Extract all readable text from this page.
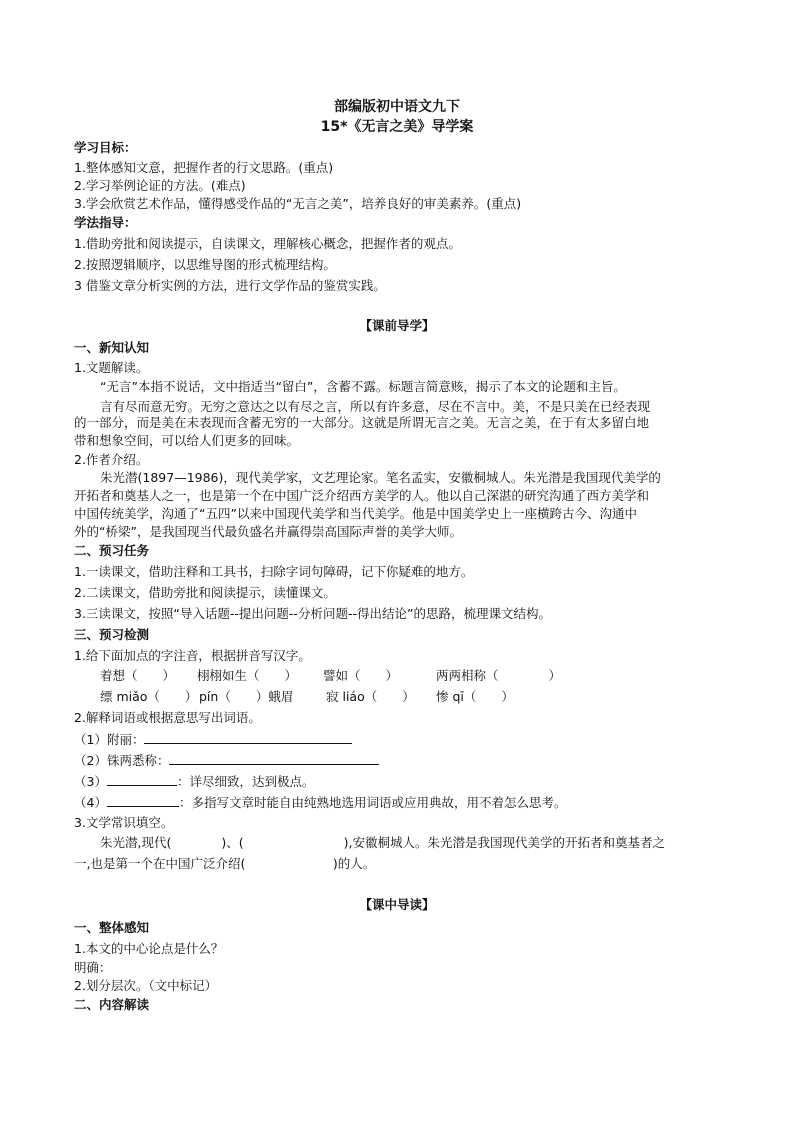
部编版初中语文九下
15*《无言之美》导学案
学习目标：
1.整体感知文意，把握作者的行文思路。(重点)
2.学习举例论证的方法。(难点)
3.学会欣赏艺术作品，懂得感受作品的“无言之美”，培养良好的审美素养。(重点)
学法指导：
1.借助旁批和阅读提示，自读课文，理解核心概念，把握作者的观点。
2.按照逻辑顺序，以思维导图的形式梳理结构。
3 借鉴文章分析实例的方法，进行文学作品的鉴赏实践。
【课前导学】
一、新知认知
1.文题解读。
“无言”本指不说话，文中指适当“留白”，含蓄不露。标题言简意赅，揭示了本文的论题和主旨。
言有尽而意无穷。无穷之意达之以有尽之言，所以有许多意，尽在不言中。美，不是只美在已经表现
的一部分，而是美在未表现而含蓄无穷的一大部分。这就是所谓无言之美。无言之美，在于有太多留白地
带和想象空间，可以给人们更多的回味。
2.作者介绍。
朱光潜(1897—1986)，现代美学家，文艺理论家。笔名孟实，安徽桐城人。朱光潜是我国现代美学的
开拓者和奠基人之一，也是第一个在中国广泛介绍西方美学的人。他以自己深湛的研究沟通了西方美学和
中国传统美学，沟通了“五四”以来中国现代美学和当代美学。他是中国美学史上一座横跨古今、沟通中
外的“桥梁”，是我国现当代最负盛名并赢得崇高国际声誉的美学大师。
二、预习任务
1.一读课文，借助注释和工具书，扫除字词句障碍，记下你疑难的地方。
2.二读课文，借助旁批和阅读提示，读懂课文。
3.三读课文，按照“导入话题--提出问题--分析问题--得出结论”的思路，梳理课文结构。
三、预习检测
1.给下面加点的字注音，根据拼音写汉字。
着想（　　） 栩栩如生（　　） 譬如（　　）	两两相称（　　　　）
缥 miǎo（　　） pín（　　）蛾眉	寂 liáo（　　） 惨 qī（　　）
2.解释词语或根据意思写出词语。
（1）附丽：
（2）铢两悉称：
（3）	：详尽细致，达到极点。
（4）	：多指写文章时能自由纯熟地选用词语或应用典故，用不着怎么思考。
3.文学常识填空。
朱光潜,现代(　　　　)、(　　　　　　　　),安徽桐城人。朱光潜是我国现代美学的开拓者和奠基者之
一,也是第一个在中国广泛介绍(　　　　　　　)的人。
【课中导读】
一、整体感知
1.本文的中心论点是什么？
明确：
2.划分层次。（文中标记）
二、内容解读
